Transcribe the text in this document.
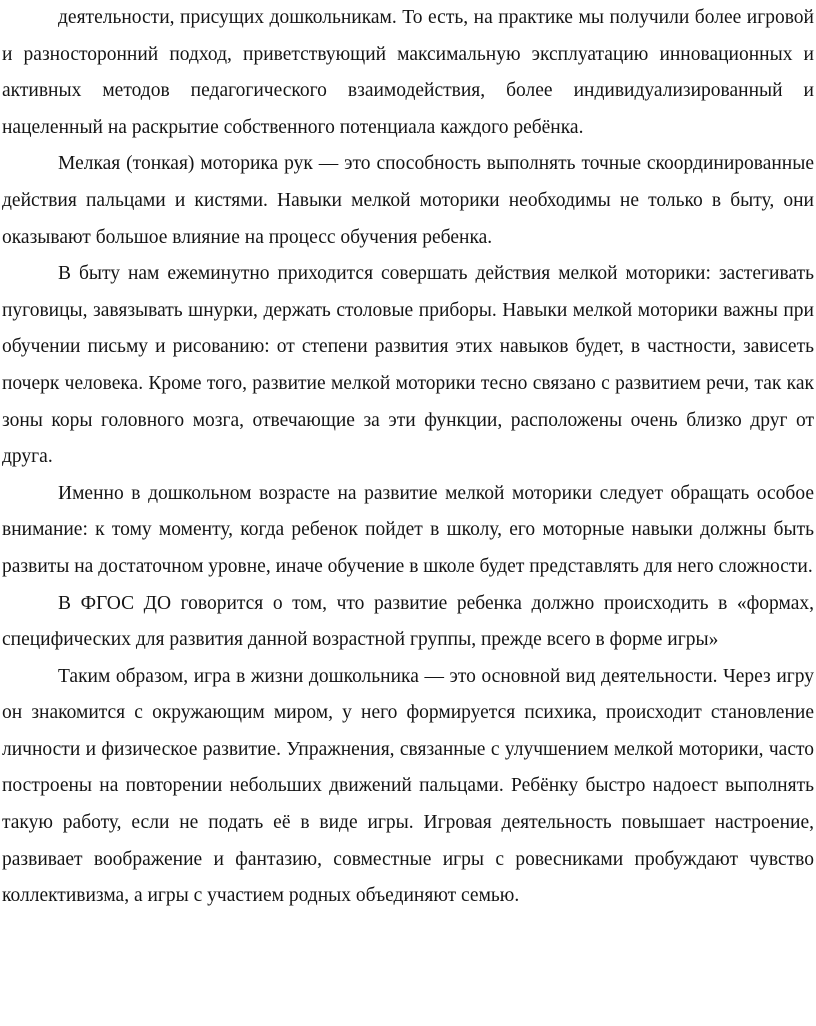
деятельности, присущих дошкольникам. То есть, на практике мы получили более игровой и разносторонний подход, приветствующий максимальную эксплуатацию инновационных и активных методов педагогического взаимодействия, более индивидуализированный и нацеленный на раскрытие собственного потенциала каждого ребёнка.

Мелкая (тонкая) моторика рук — это способность выполнять точные скоординированные действия пальцами и кистями. Навыки мелкой моторики необходимы не только в быту, они оказывают большое влияние на процесс обучения ребенка.

В быту нам ежеминутно приходится совершать действия мелкой моторики: застегивать пуговицы, завязывать шнурки, держать столовые приборы. Навыки мелкой моторики важны при обучении письму и рисованию: от степени развития этих навыков будет, в частности, зависеть почерк человека. Кроме того, развитие мелкой моторики тесно связано с развитием речи, так как зоны коры головного мозга, отвечающие за эти функции, расположены очень близко друг от друга.

Именно в дошкольном возрасте на развитие мелкой моторики следует обращать особое внимание: к тому моменту, когда ребенок пойдет в школу, его моторные навыки должны быть развиты на достаточном уровне, иначе обучение в школе будет представлять для него сложности.

В ФГОС ДО говорится о том, что развитие ребенка должно происходить в «формах, специфических для развития данной возрастной группы, прежде всего в форме игры»

Таким образом, игра в жизни дошкольника — это основной вид деятельности. Через игру он знакомится с окружающим миром, у него формируется психика, происходит становление личности и физическое развитие. Упражнения, связанные с улучшением мелкой моторики, часто построены на повторении небольших движений пальцами. Ребёнку быстро надоест выполнять такую работу, если не подать её в виде игры. Игровая деятельность повышает настроение, развивает воображение и фантазию, совместные игры с ровесниками пробуждают чувство коллективизма, а игры с участием родных объединяют семью.
